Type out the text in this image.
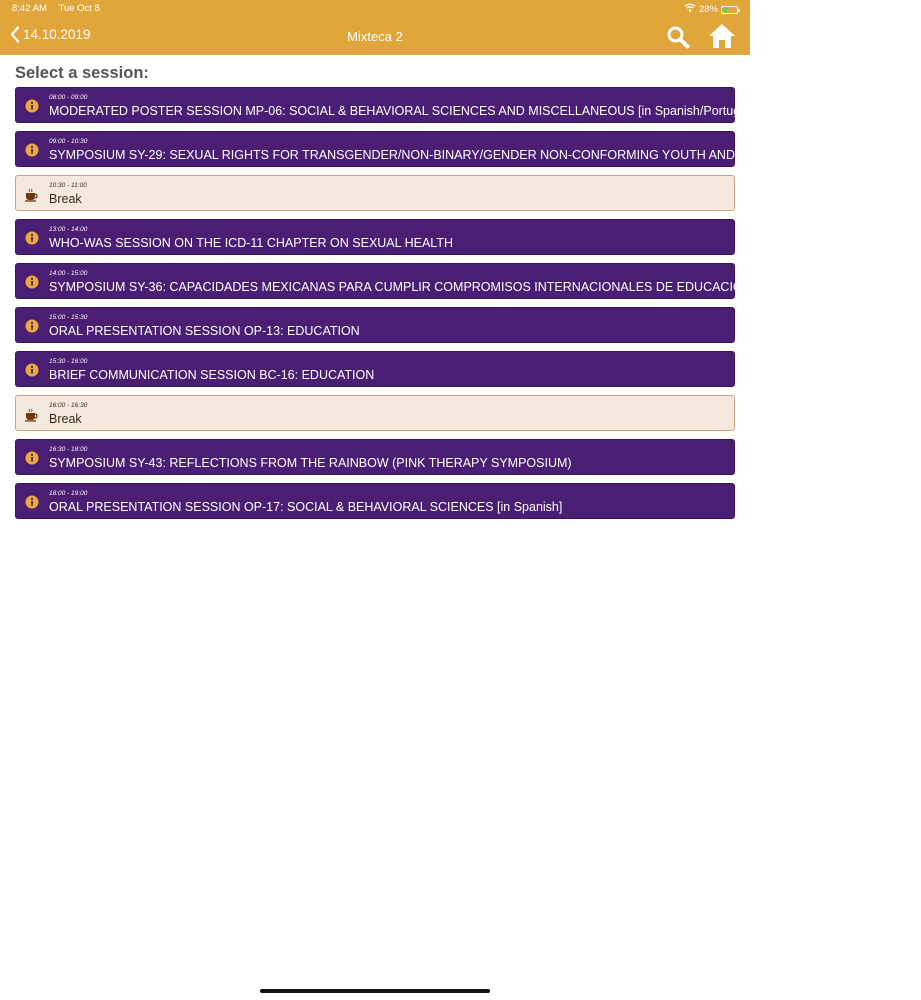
8:42 AM Tue Oct 8	28%
14.10.2019	Mixteca 2
Select a session:
08:00 - 09:00
MODERATED POSTER SESSION MP-06: SOCIAL & BEHAVIORAL SCIENCES AND MISCELLANEOUS [in Spanish/Portuguese]
09:00 - 10:30
SYMPOSIUM SY-29: SEXUAL RIGHTS FOR TRANSGENDER/NON-BINARY/GENDER NON-CONFORMING YOUTH AND ADOLESCENTS
10:30 - 11:00
Break
13:00 - 14:00
WHO-WAS SESSION ON THE ICD-11 CHAPTER ON SEXUAL HEALTH
14:00 - 15:00
SYMPOSIUM SY-36: CAPACIDADES MEXICANAS PARA CUMPLIR COMPROMISOS INTERNACIONALES DE EDUCACIÓN INTEGRAL EN SEXUALIDAD
15:00 - 15:30
ORAL PRESENTATION SESSION OP-13: EDUCATION
15:30 - 16:00
BRIEF COMMUNICATION SESSION BC-16: EDUCATION
16:00 - 16:30
Break
16:30 - 18:00
SYMPOSIUM SY-43: REFLECTIONS FROM THE RAINBOW (PINK THERAPY SYMPOSIUM)
18:00 - 19:00
ORAL PRESENTATION SESSION OP-17: SOCIAL & BEHAVIORAL SCIENCES [in Spanish]
